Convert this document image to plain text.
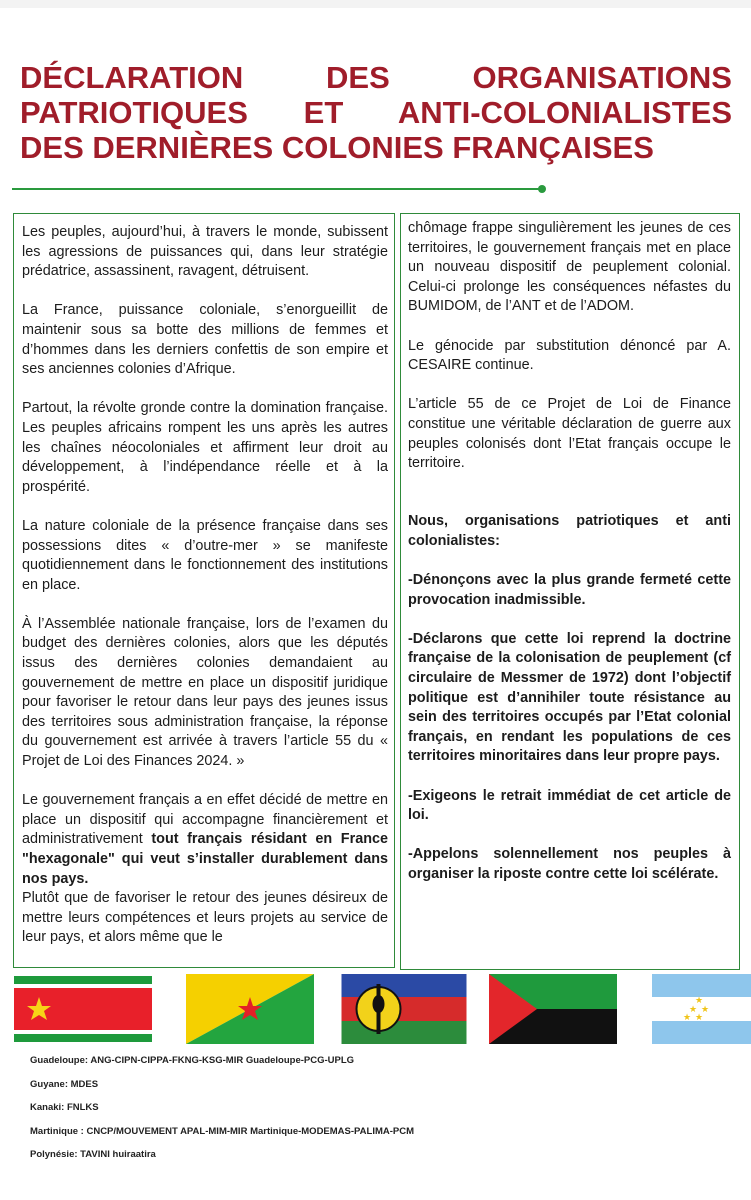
DÉCLARATION DES ORGANISATIONS
PATRIOTIQUES ET ANTI-COLONIALISTES
DES DERNIÈRES COLONIES FRANÇAISES

Les peuples, aujourd’hui, à travers le monde, subissent les agressions de puissances qui, dans leur stratégie prédatrice, assassinent, ravagent, détruisent.

La France, puissance coloniale, s’enorgueillit de maintenir sous sa botte des millions de femmes et d’hommes dans les derniers confettis de son empire et ses anciennes colonies d’Afrique.

Partout, la révolte gronde contre la domination française. Les peuples africains rompent les uns après les autres les chaînes néocoloniales et affirment leur droit au développement, à l’indépendance réelle et à la prospérité.

La nature coloniale de la présence française dans ses possessions dites « d’outre-mer » se manifeste quotidiennement dans le fonctionnement des institutions en place.

À l’Assemblée nationale française, lors de l’examen du budget des dernières colonies, alors que les députés issus des dernières colonies demandaient au gouvernement de mettre en place un dispositif juridique pour favoriser le retour dans leur pays des jeunes issus des territoires sous administration française, la réponse du gouvernement est arrivée à travers l’article 55 du « Projet de Loi des Finances 2024. »

Le gouvernement français a en effet décidé de mettre en place un dispositif qui accompagne financièrement et administrativement tout français résidant en France "hexagonale" qui veut s’installer durablement dans nos pays.

Plutôt que de favoriser le retour des jeunes désireux de mettre leurs compétences et leurs projets au service de leur pays, et alors même que le

chômage frappe singulièrement les jeunes de ces territoires, le gouvernement français met en place un nouveau dispositif de peuplement colonial. Celui-ci prolonge les conséquences néfastes du BUMIDOM, de l’ANT et de l’ADOM.

Le génocide par substitution dénoncé par A. CESAIRE continue.

L’article 55 de ce Projet de Loi de Finance constitue une véritable déclaration de guerre aux peuples colonisés dont l’Etat français occupe le territoire.

Nous, organisations patriotiques et anti colonialistes:

-Dénonçons avec la plus grande fermeté cette provocation inadmissible.

-Déclarons que cette loi reprend la doctrine française de la colonisation de peuplement (cf circulaire de Messmer de 1972) dont l’objectif politique est d’annihiler toute résistance au sein des territoires occupés par l’Etat colonial français, en rendant les populations de ces territoires minoritaires dans leur propre pays.

-Exigeons le retrait immédiat de cet article de loi.

-Appelons solennellement nos peuples à organiser la riposte contre cette loi scélérate.

★
★ ★
★ ★
Guadeloupe: ANG-CIPN-CIPPA-FKNG-KSG-MIR Guadeloupe-PCG-UPLG
Guyane: MDES
Kanaki: FNLKS
Martinique : CNCP/MOUVEMENT APAL-MIM-MIR Martinique-MODEMAS-PALIMA-PCM
Polynésie: TAVINI huiraatira
